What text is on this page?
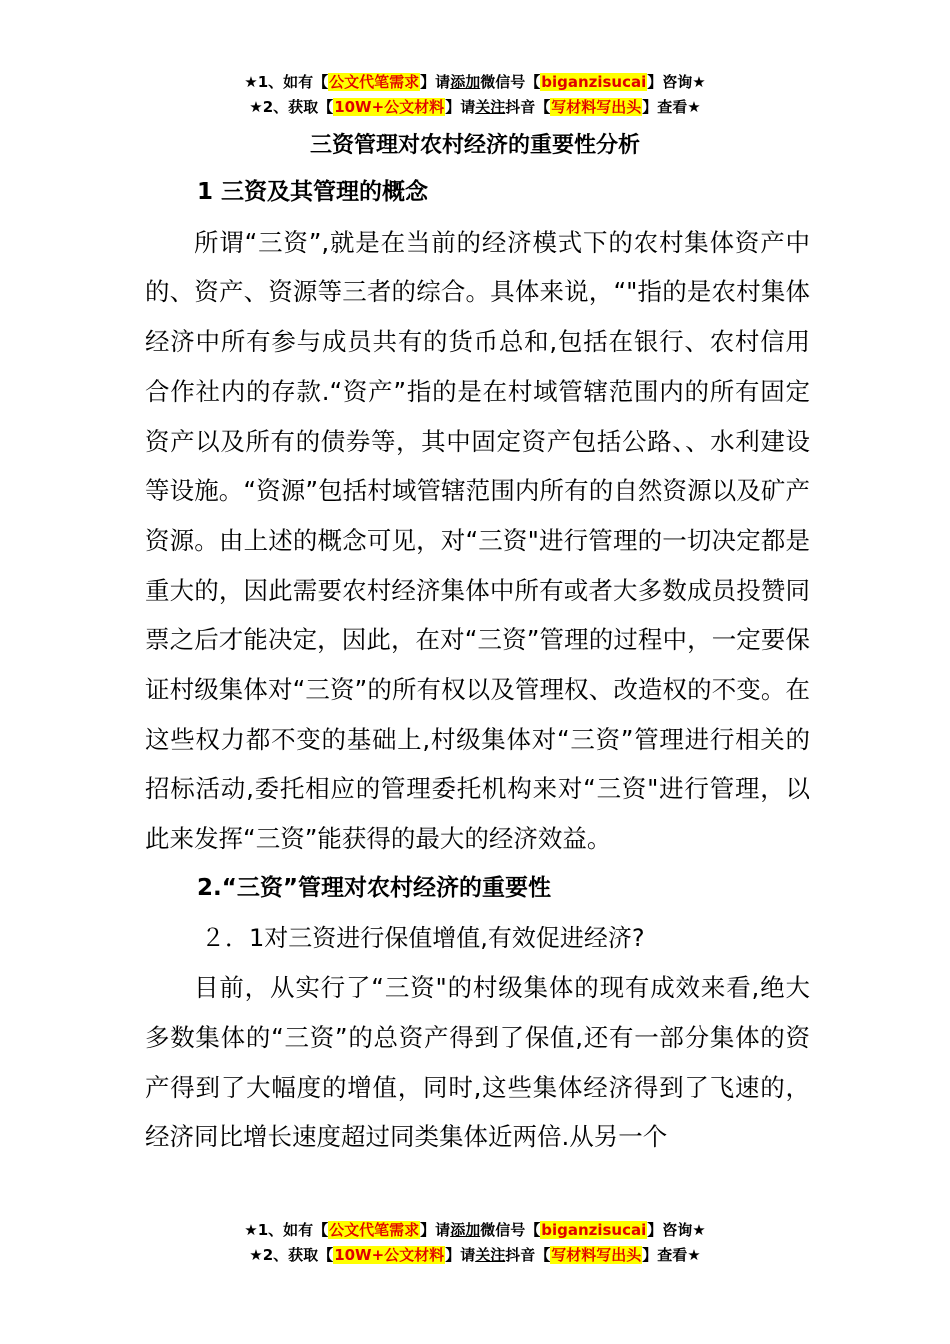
★1、如有【公文代笔需求】请添加微信号【biganzisucai】咨询★
★2、获取【10W+公文材料】请关注抖音【写材料写出头】查看★
三资管理对农村经济的重要性分析

1 三资及其管理的概念

所谓“三资”,就是在当前的经济模式下的农村集体资产中的、资产、资源等三者的综合。具体来说，“"指的是农村集体经济中所有参与成员共有的货币总和,包括在银行、农村信用合作社内的存款.“资产”指的是在村域管辖范围内的所有固定资产以及所有的债券等，其中固定资产包括公路、、水利建设等设施。“资源”包括村域管辖范围内所有的自然资源以及矿产资源。由上述的概念可见，对“三资"进行管理的一切决定都是重大的，因此需要农村经济集体中所有或者大多数成员投赞同票之后才能决定，因此，在对“三资”管理的过程中，一定要保证村级集体对“三资”的所有权以及管理权、改造权的不变。在这些权力都不变的基础上,村级集体对“三资”管理进行相关的招标活动,委托相应的管理委托机构来对“三资"进行管理，以此来发挥“三资”能获得的最大的经济效益。

2.“三资”管理对农村经济的重要性

２．1对三资进行保值增值,有效促进经济?

目前，从实行了“三资"的村级集体的现有成效来看,绝大多数集体的“三资”的总资产得到了保值,还有一部分集体的资产得到了大幅度的增值，同时,这些集体经济得到了飞速的，经济同比增长速度超过同类集体近两倍.从另一个

★1、如有【公文代笔需求】请添加微信号【biganzisucai】咨询★
★2、获取【10W+公文材料】请关注抖音【写材料写出头】查看★
